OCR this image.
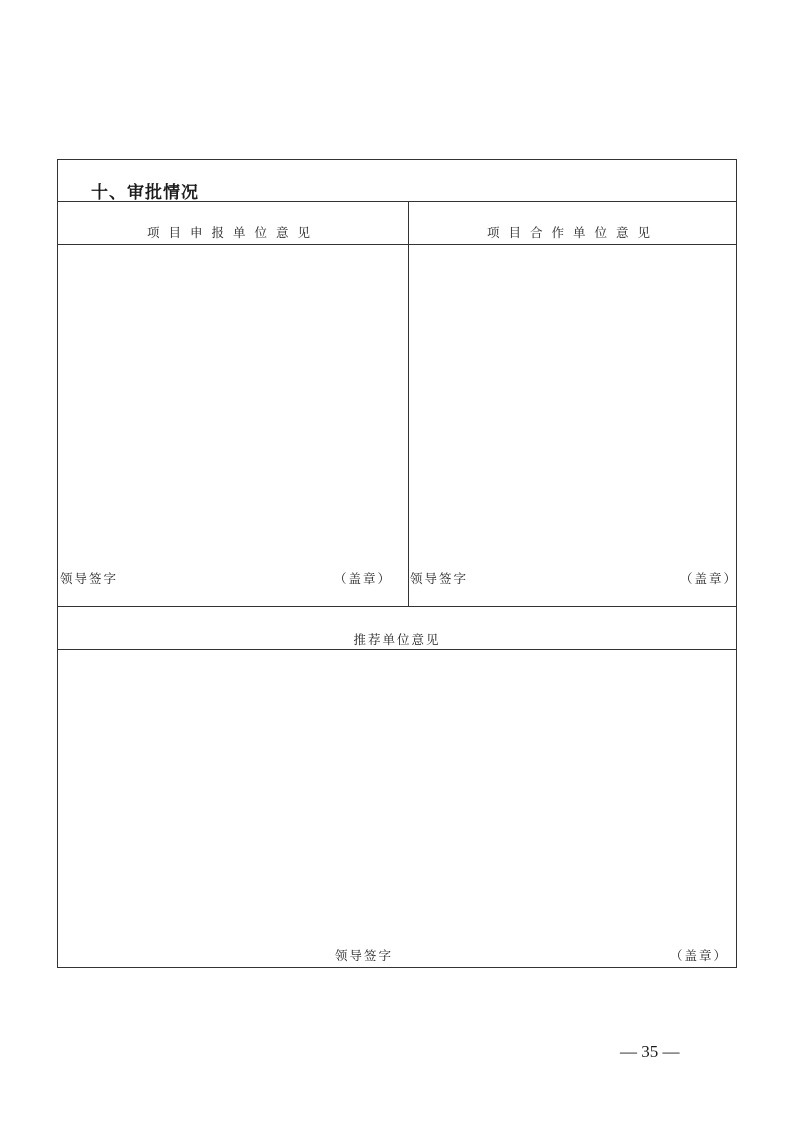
十、审批情况
项目申报单位意见	项目合作单位意见
领导签字	（盖章） 领导签字	（盖章）
推荐单位意见
领导签字	（盖章）
— 35 —
